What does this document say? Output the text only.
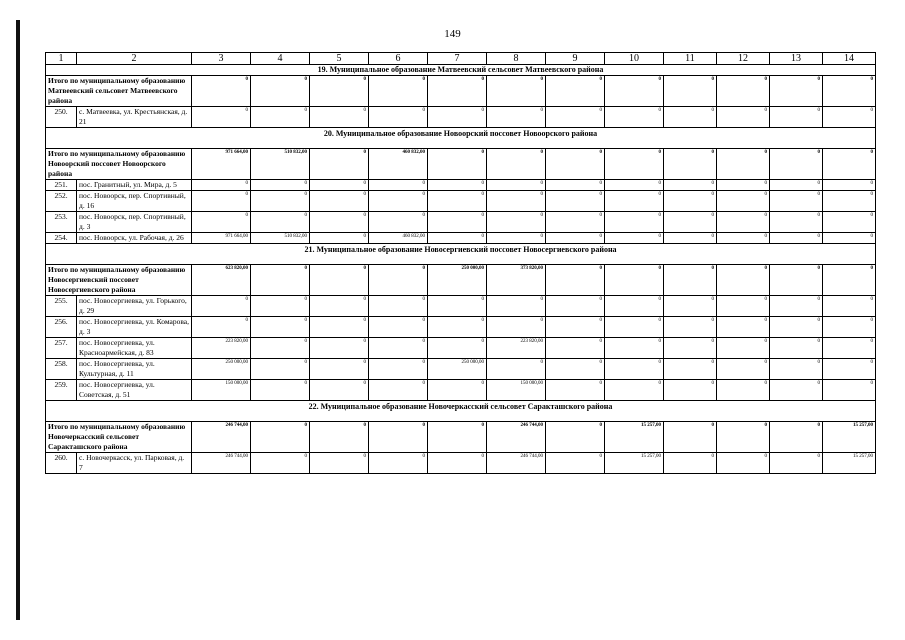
149
1	2	3	4	5	6	7	8	9	10	11	12	13	14
19. Муниципальное образование Матвеевский сельсовет Матвеевского района													
Итого по муниципальному образованию Матвеевский сельсовет Матвеевского района		0	0	0	0	0	0	0	0	0	0	0	0
250.	с. Матвеевка, ул. Крестьянская, д. 21	0	0	0	0	0	0	0	0	0	0	0	0
20. Муниципальное образование Новоорский поссовет Новоорского района													
Итого по муниципальному образованию Новоорский поссовет Новоорского района		971 664,00	510 832,00	0	460 832,00	0	0	0	0	0	0	0	0
251.	пос. Гранитный, ул. Мира, д. 5	0	0	0	0	0	0	0	0	0	0	0	0
252.	пос. Новоорск, пер. Спортивный, д. 16	0	0	0	0	0	0	0	0	0	0	0	0
253.	пос. Новоорск, пер. Спортивный, д. 3	0	0	0	0	0	0	0	0	0	0	0	0
254.	пос. Новоорск, ул. Рабочая, д. 26	971 664,00	510 832,00	0	460 832,00	0	0	0	0	0	0	0	0
21. Муниципальное образование Новосергиевский поссовет Новосергиевского района													
Итого по муниципальному образованию Новосергиевский поссовет Новосергиевского района		623 820,00	0	0	0	250 000,00	373 820,00	0	0	0	0	0	0
255.	пос. Новосергиевка, ул. Горького, д. 29	0	0	0	0	0	0	0	0	0	0	0	0
256.	пос. Новосергиевка, ул. Комарова, д. 3	0	0	0	0	0	0	0	0	0	0	0	0
257.	пос. Новосергиевка, ул. Красноармейская, д. 83	223 820,00	0	0	0	0	223 820,00	0	0	0	0	0	0
258.	пос. Новосергиевка, ул. Культурная, д. 11	250 000,00	0	0	0	250 000,00	0	0	0	0	0	0	0
259.	пос. Новосергиевка, ул. Советская, д. 51	150 000,00	0	0	0	0	150 000,00	0	0	0	0	0	0
22. Муниципальное образование Новочеркасский сельсовет Саракташского района													
Итого по муниципальному образованию Новочеркасский сельсовет Саракташского района		246 744,00	0	0	0	0	246 744,00	0	15 257,00	0	0	0	15 257,00
260.	с. Новочеркасск, ул. Парковая, д. 7	246 744,00	0	0	0	0	246 744,00	0	15 257,00	0	0	0	15 257,00
